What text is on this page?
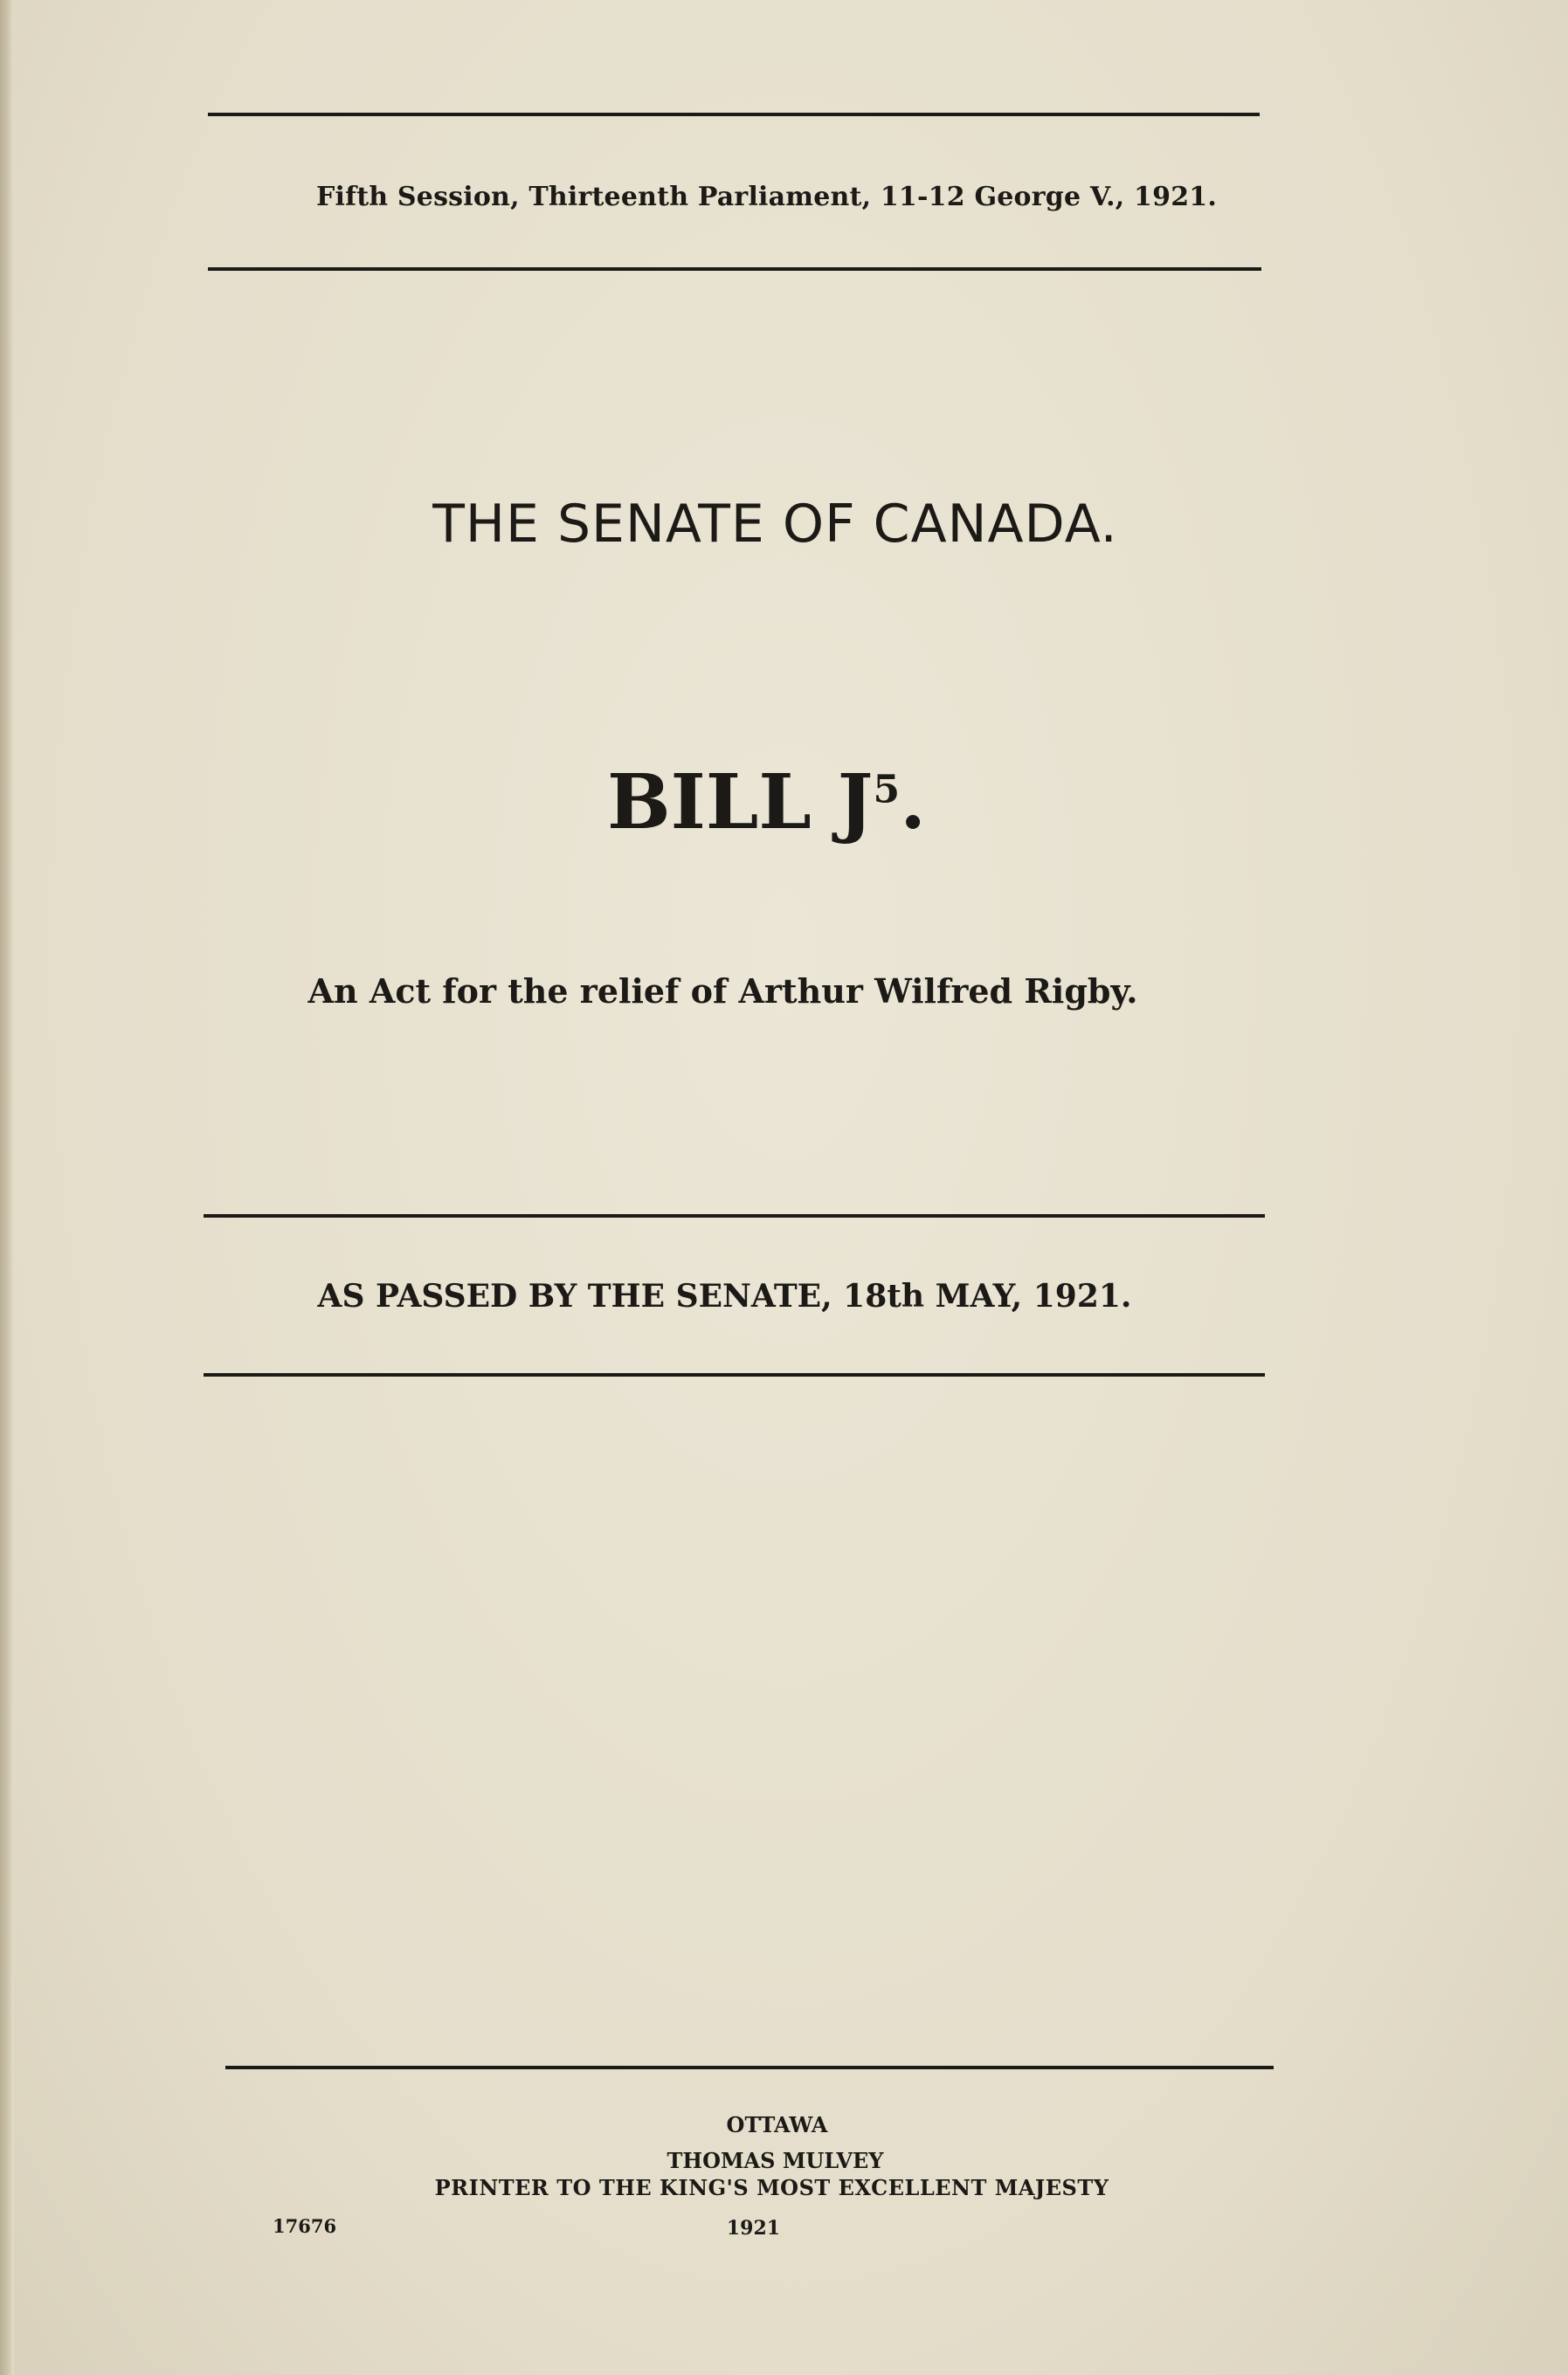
Fifth Session, Thirteenth Parliament, 11-12 George V., 1921.
THE SENATE OF CANADA.
BILL $J^5$.
An Act for the relief of Arthur Wilfred Rigby.
AS PASSED BY THE SENATE, 18th MAY, 1921.
OTTAWA
THOMAS MULVEY
PRINTER TO THE KING'S MOST EXCELLENT MAJESTY
17676	1921
